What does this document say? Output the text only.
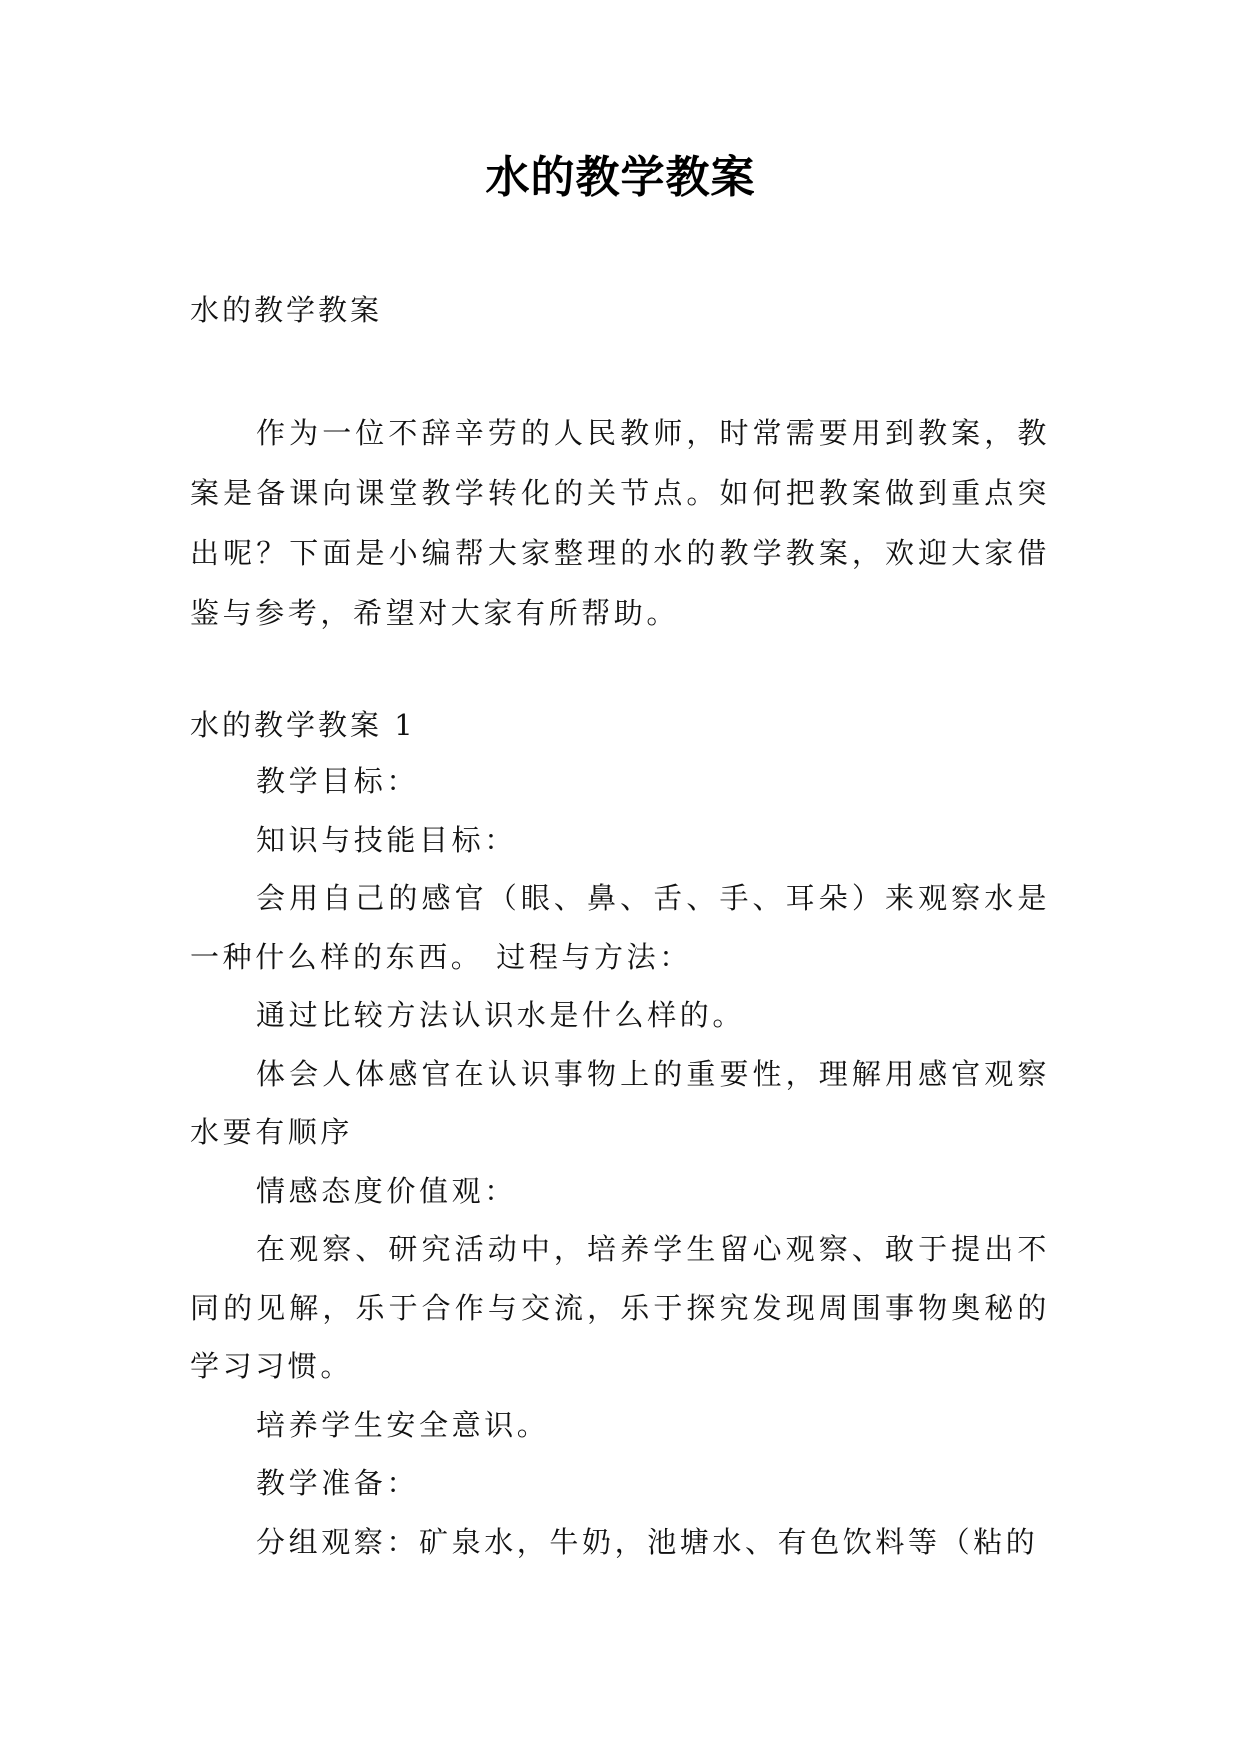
水的教学教案
水的教学教案

作为一位不辞辛劳的人民教师，时常需要用到教案，教案是备课向课堂教学转化的关节点。如何把教案做到重点突出呢？下面是小编帮大家整理的水的教学教案，欢迎大家借鉴与参考，希望对大家有所帮助。

水的教学教案 1

教学目标：

知识与技能目标：

会用自己的感官（眼、鼻、舌、手、耳朵）来观察水是一种什么样的东西。 过程与方法：

通过比较方法认识水是什么样的。

体会人体感官在认识事物上的重要性，理解用感官观察水要有顺序

情感态度价值观：

在观察、研究活动中，培养学生留心观察、敢于提出不同的见解，乐于合作与交流，乐于探究发现周围事物奥秘的学习习惯。

培养学生安全意识。

教学准备：

分组观察：矿泉水，牛奶，池塘水、有色饮料等（粘的
